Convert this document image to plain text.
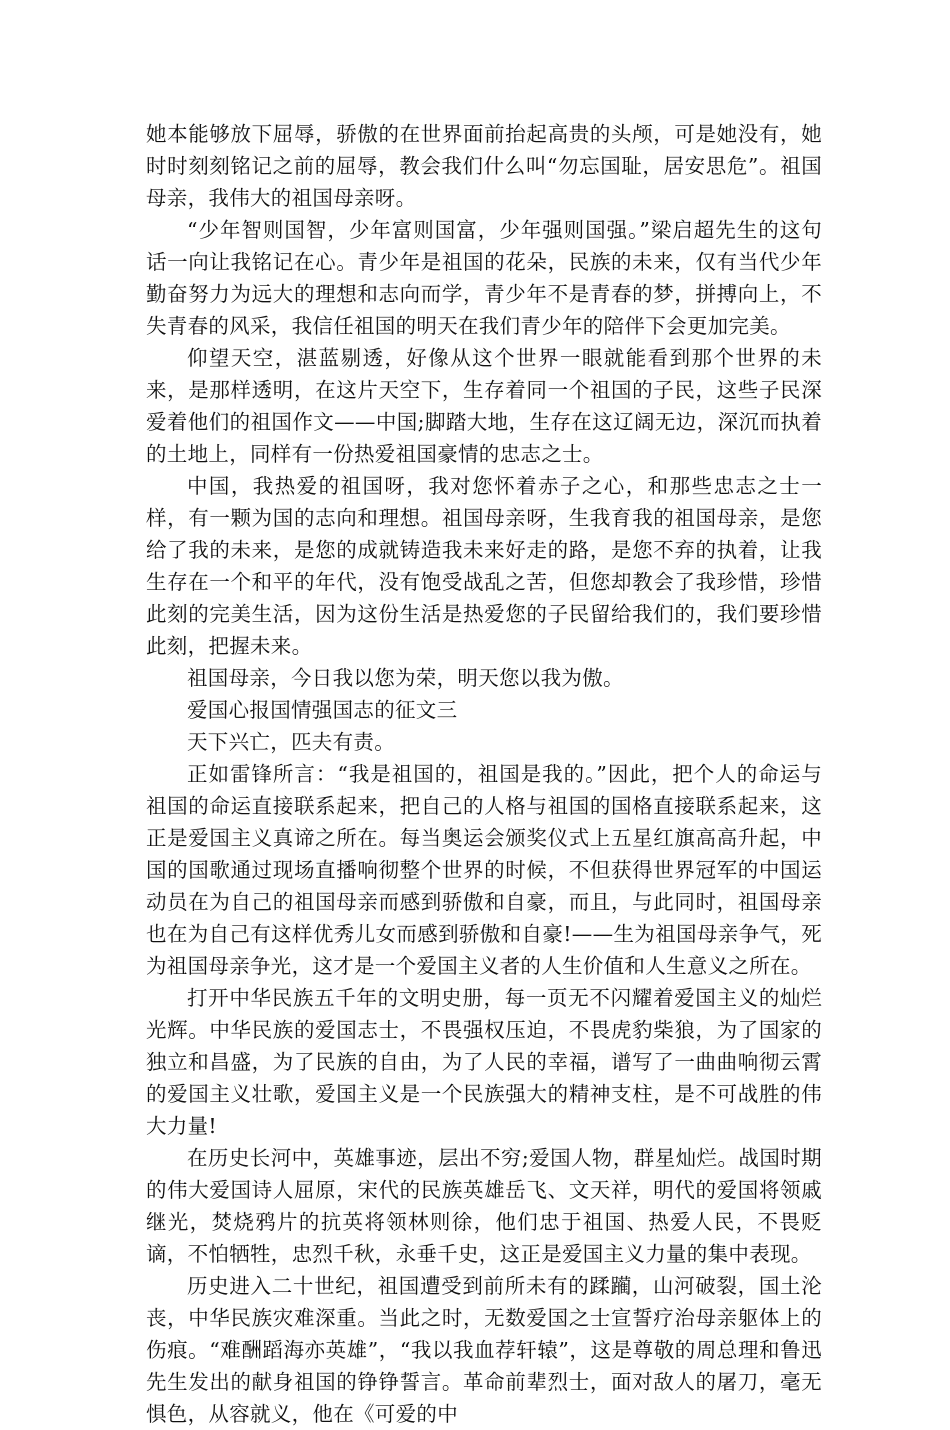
她本能够放下屈辱，骄傲的在世界面前抬起高贵的头颅，可是她没有，她时时刻刻铭记之前的屈辱，教会我们什么叫“勿忘国耻，居安思危”。祖国母亲，我伟大的祖国母亲呀。

“少年智则国智，少年富则国富，少年强则国强。”梁启超先生的这句话一向让我铭记在心。青少年是祖国的花朵，民族的未来，仅有当代少年勤奋努力为远大的理想和志向而学，青少年不是青春的梦，拼搏向上，不失青春的风采，我信任祖国的明天在我们青少年的陪伴下会更加完美。

仰望天空，湛蓝剔透，好像从这个世界一眼就能看到那个世界的未来，是那样透明，在这片天空下，生存着同一个祖国的子民，这些子民深爱着他们的祖国作文——中国;脚踏大地，生存在这辽阔无边，深沉而执着的土地上，同样有一份热爱祖国豪情的忠志之士。

中国，我热爱的祖国呀，我对您怀着赤子之心，和那些忠志之士一样，有一颗为国的志向和理想。祖国母亲呀，生我育我的祖国母亲，是您给了我的未来，是您的成就铸造我未来好走的路，是您不弃的执着，让我生存在一个和平的年代，没有饱受战乱之苦，但您却教会了我珍惜，珍惜此刻的完美生活，因为这份生活是热爱您的子民留给我们的，我们要珍惜此刻，把握未来。

祖国母亲，今日我以您为荣，明天您以我为傲。

爱国心报国情强国志的征文三

天下兴亡，匹夫有责。

正如雷锋所言：“我是祖国的，祖国是我的。”因此，把个人的命运与祖国的命运直接联系起来，把自己的人格与祖国的国格直接联系起来，这正是爱国主义真谛之所在。每当奥运会颁奖仪式上五星红旗高高升起，中国的国歌通过现场直播响彻整个世界的时候，不但获得世界冠军的中国运动员在为自己的祖国母亲而感到骄傲和自豪，而且，与此同时，祖国母亲也在为自己有这样优秀儿女而感到骄傲和自豪!——生为祖国母亲争气，死为祖国母亲争光，这才是一个爱国主义者的人生价值和人生意义之所在。

打开中华民族五千年的文明史册，每一页无不闪耀着爱国主义的灿烂光辉。中华民族的爱国志士，不畏强权压迫，不畏虎豹柴狼，为了国家的独立和昌盛，为了民族的自由，为了人民的幸福，谱写了一曲曲响彻云霄的爱国主义壮歌，爱国主义是一个民族强大的精神支柱，是不可战胜的伟大力量!

在历史长河中，英雄事迹，层出不穷;爱国人物，群星灿烂。战国时期的伟大爱国诗人屈原，宋代的民族英雄岳飞、文天祥，明代的爱国将领戚继光，焚烧鸦片的抗英将领林则徐，他们忠于祖国、热爱人民，不畏贬谪，不怕牺牲，忠烈千秋，永垂千史，这正是爱国主义力量的集中表现。

历史进入二十世纪，祖国遭受到前所未有的蹂躏，山河破裂，国土沦丧，中华民族灾难深重。当此之时，无数爱国之士宣誓疗治母亲躯体上的伤痕。“难酬蹈海亦英雄”，“我以我血荐轩辕”，这是尊敬的周总理和鲁迅先生发出的献身祖国的铮铮誓言。革命前辈烈士，面对敌人的屠刀，毫无惧色，从容就义，他在《可爱的中
